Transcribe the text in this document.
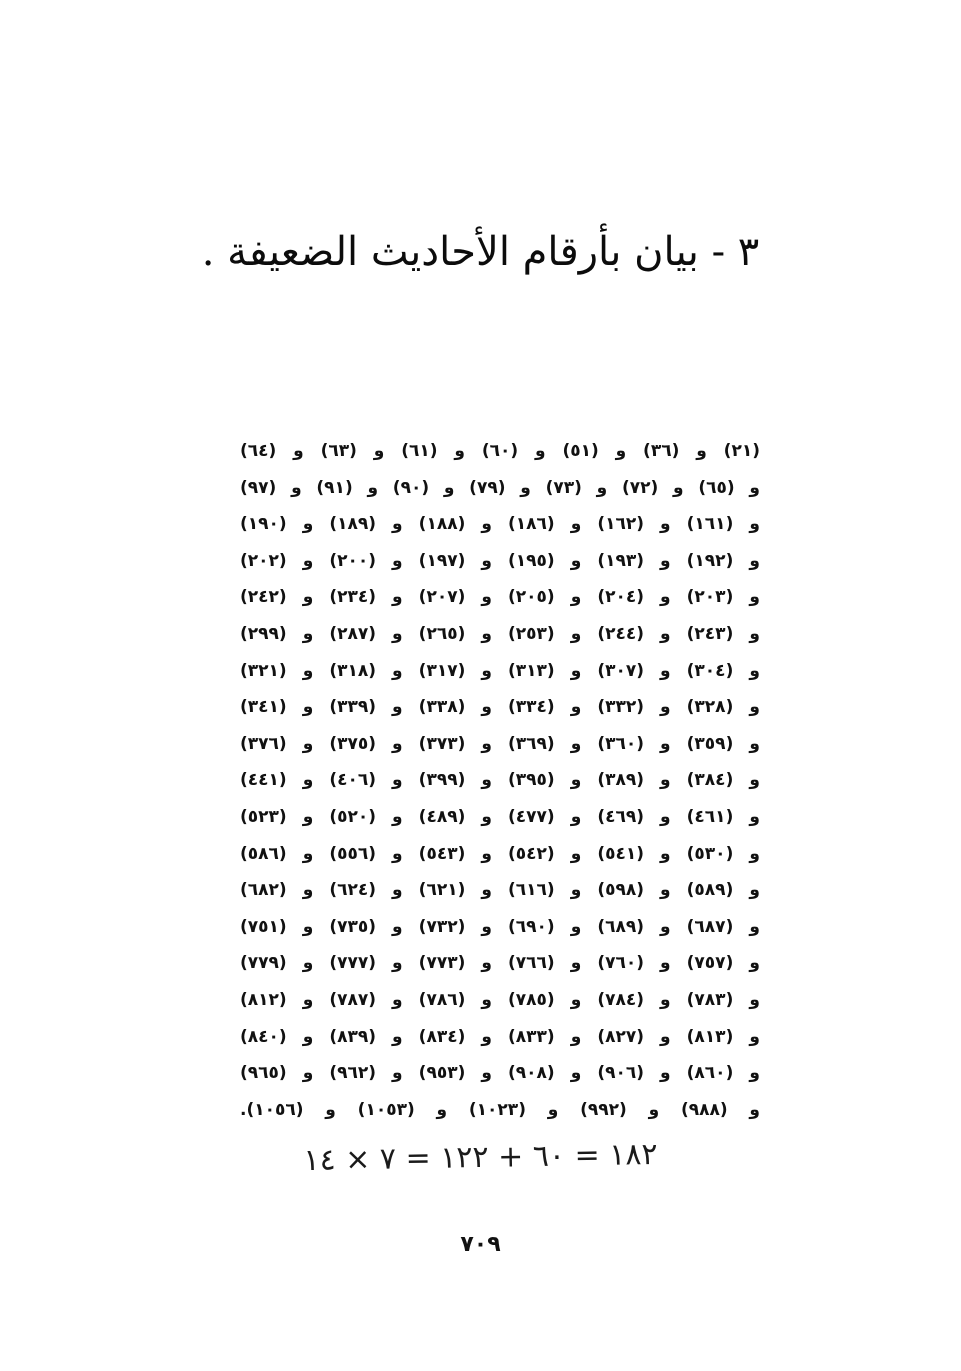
٣ - بيان بأرقام الأحاديث الضعيفة .
(٢١) و (٣٦) و (٥١) و (٦٠) و (٦١) و (٦٣) و (٦٤)
و (٦٥) و (٧٢) و (٧٣) و (٧٩) و (٩٠) و (٩١) و (٩٧)
و (١٦١) و (١٦٢) و (١٨٦) و (١٨٨) و (١٨٩) و (١٩٠)
و (١٩٢) و (١٩٣) و (١٩٥) و (١٩٧) و (٢٠٠) و (٢٠٢)
و (٢٠٣) و (٢٠٤) و (٢٠٥) و (٢٠٧) و (٢٣٤) و (٢٤٢)
و (٢٤٣) و (٢٤٤) و (٢٥٣) و (٢٦٥) و (٢٨٧) و (٢٩٩)
و (٣٠٤) و (٣٠٧) و (٣١٣) و (٣١٧) و (٣١٨) و (٣٢١)
و (٣٢٨) و (٣٣٢) و (٣٣٤) و (٣٣٨) و (٣٣٩) و (٣٤١)
و (٣٥٩) و (٣٦٠) و (٣٦٩) و (٣٧٣) و (٣٧٥) و (٣٧٦)
و (٣٨٤) و (٣٨٩) و (٣٩٥) و (٣٩٩) و (٤٠٦) و (٤٤١)
و (٤٦١) و (٤٦٩) و (٤٧٧) و (٤٨٩) و (٥٢٠) و (٥٢٣)
و (٥٣٠) و (٥٤١) و (٥٤٢) و (٥٤٣) و (٥٥٦) و (٥٨٦)
و (٥٨٩) و (٥٩٨) و (٦١٦) و (٦٢١) و (٦٢٤) و (٦٨٢)
و (٦٨٧) و (٦٨٩) و (٦٩٠) و (٧٣٢) و (٧٣٥) و (٧٥١)
و (٧٥٧) و (٧٦٠) و (٧٦٦) و (٧٧٣) و (٧٧٧) و (٧٧٩)
و (٧٨٣) و (٧٨٤) و (٧٨٥) و (٧٨٦) و (٧٨٧) و (٨١٢)
و (٨١٣) و (٨٢٧) و (٨٣٣) و (٨٣٤) و (٨٣٩) و (٨٤٠)
و (٨٦٠) و (٩٠٦) و (٩٠٨) و (٩٥٣) و (٩٦٢) و (٩٦٥)
و (٩٨٨) و (٩٩٢) و (١٠٢٣) و (١٠٥٣) و (١٠٥٦).
١٨٢ = ٦٠ + ١٢٢ = ٧ × ١٤
٧٠٩
